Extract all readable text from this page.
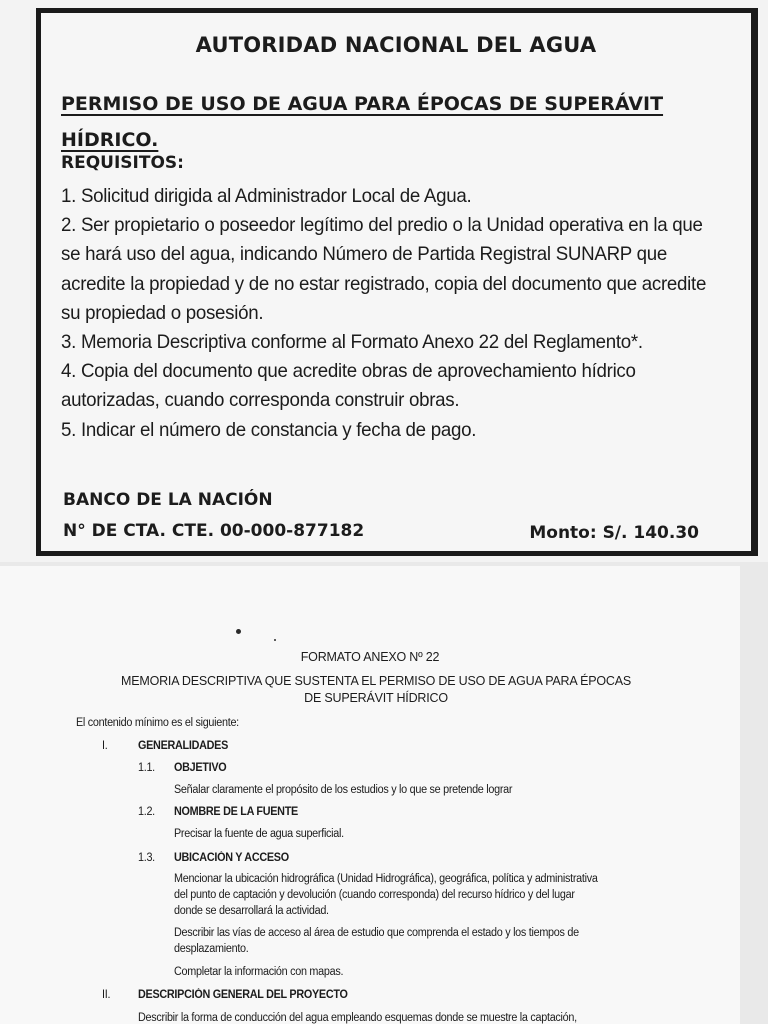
AUTORIDAD NACIONAL DEL AGUA
PERMISO DE USO DE AGUA PARA ÉPOCAS DE SUPERÁVIT HÍDRICO.
REQUISITOS:
1. Solicitud dirigida al Administrador Local de Agua.
2. Ser propietario o poseedor legítimo del predio o la Unidad operativa en la que se hará uso del agua, indicando Número de Partida Registral SUNARP que acredite la propiedad y de no estar registrado, copia del documento que acredite su propiedad o posesión.
3. Memoria Descriptiva conforme al Formato Anexo 22 del Reglamento*.
4. Copia del documento que acredite obras de aprovechamiento hídrico autorizadas, cuando corresponda construir obras.
5. Indicar el número de constancia y fecha de pago.
BANCO DE LA NACIÓN
N° DE CTA. CTE. 00-000-877182	Monto: S/. 140.30
FORMATO ANEXO Nº 22
MEMORIA DESCRIPTIVA QUE SUSTENTA EL PERMISO DE USO DE AGUA PARA ÉPOCAS
DE SUPERÁVIT HÍDRICO
El contenido mínimo es el siguiente:
I.	GENERALIDADES
1.1. OBJETIVO
Señalar claramente el propósito de los estudios y lo que se pretende lograr
1.2. NOMBRE DE LA FUENTE
Precisar la fuente de agua superficial.
1.3. UBICACIÓN Y ACCESO
Mencionar la ubicación hidrográfica (Unidad Hidrográfica), geográfica, política y administrativa
del punto de captación y devolución (cuando corresponda) del recurso hídrico y del lugar
donde se desarrollará la actividad.
Describir las vías de acceso al área de estudio que comprenda el estado y los tiempos de
desplazamiento.
Completar la información con mapas.
II. DESCRIPCIÓN GENERAL DEL PROYECTO
Describir la forma de conducción del agua empleando esquemas donde se muestre la captación,
